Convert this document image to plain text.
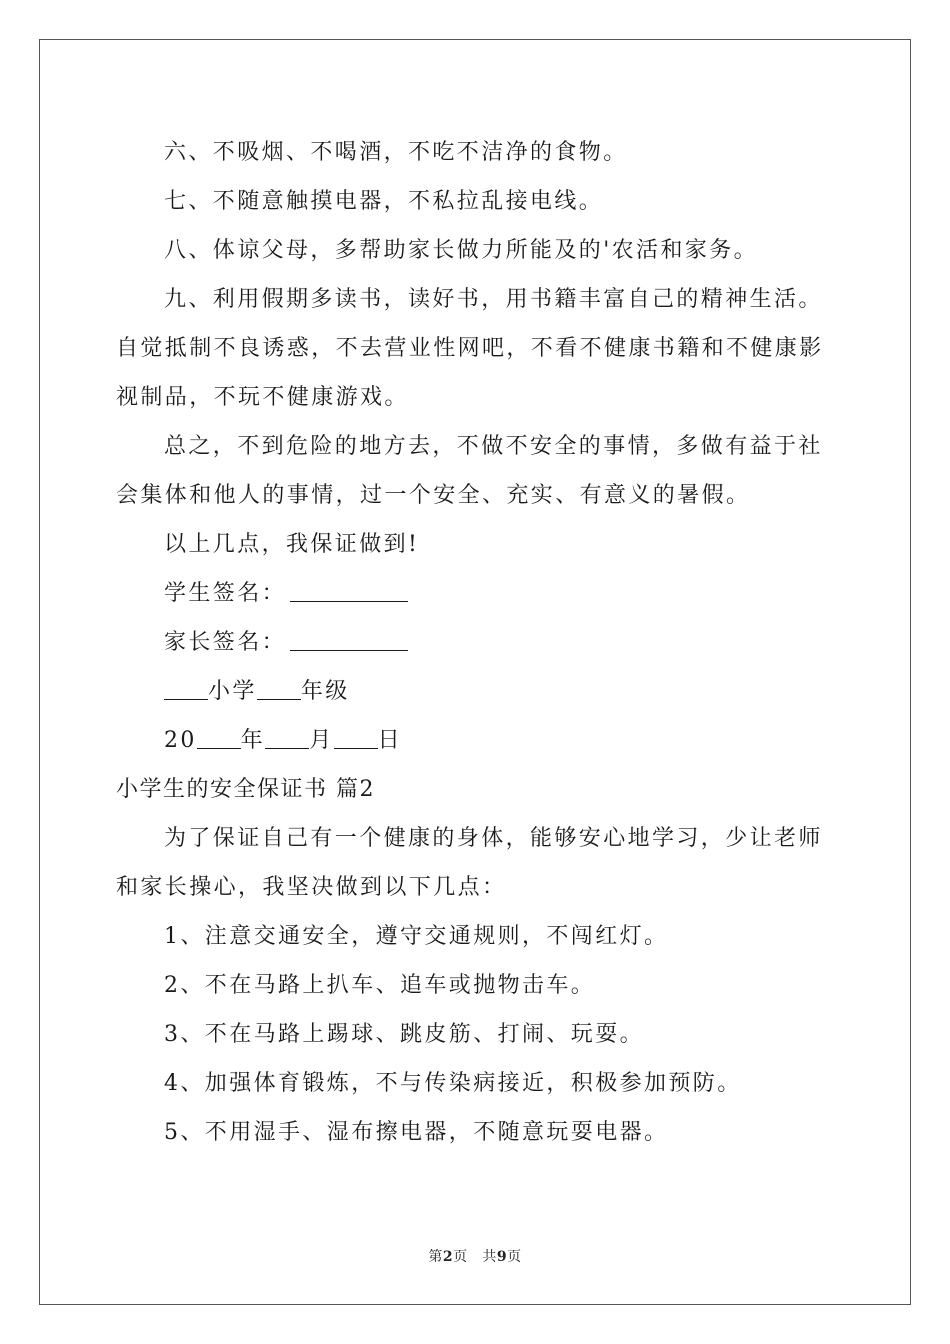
六、不吸烟、不喝酒，不吃不洁净的食物。

七、不随意触摸电器，不私拉乱接电线。

八、体谅父母，多帮助家长做力所能及的'农活和家务。

九、利用假期多读书，读好书，用书籍丰富自己的精神生活。自觉抵制不良诱惑，不去营业性网吧，不看不健康书籍和不健康影视制品，不玩不健康游戏。

总之，不到危险的地方去，不做不安全的事情，多做有益于社会集体和他人的事情，过一个安全、充实、有意义的暑假。

以上几点，我保证做到!

学生签名：

家长签名：

小学 年级

20 年 月 日

小学生的安全保证书 篇2

为了保证自己有一个健康的身体，能够安心地学习，少让老师和家长操心，我坚决做到以下几点：

1、注意交通安全，遵守交通规则，不闯红灯。

2、不在马路上扒车、追车或抛物击车。

3、不在马路上踢球、跳皮筋、打闹、玩耍。

4、加强体育锻炼，不与传染病接近，积极参加预防。

5、不用湿手、湿布擦电器，不随意玩耍电器。

第2页 共9页
